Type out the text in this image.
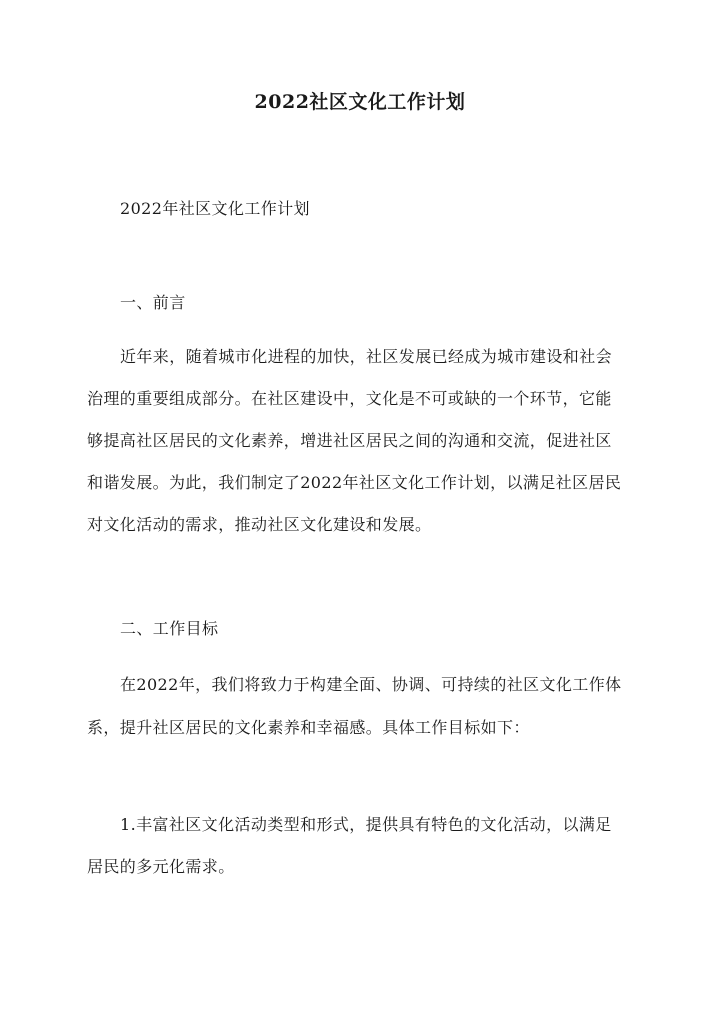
2022社区文化工作计划
2022年社区文化工作计划
一、前言
近年来，随着城市化进程的加快，社区发展已经成为城市建设和社会
治理的重要组成部分。在社区建设中，文化是不可或缺的一个环节，它能
够提高社区居民的文化素养，增进社区居民之间的沟通和交流，促进社区
和谐发展。为此，我们制定了2022年社区文化工作计划，以满足社区居民
对文化活动的需求，推动社区文化建设和发展。
二、工作目标
在2022年，我们将致力于构建全面、协调、可持续的社区文化工作体
系，提升社区居民的文化素养和幸福感。具体工作目标如下：
1.丰富社区文化活动类型和形式，提供具有特色的文化活动，以满足
居民的多元化需求。
